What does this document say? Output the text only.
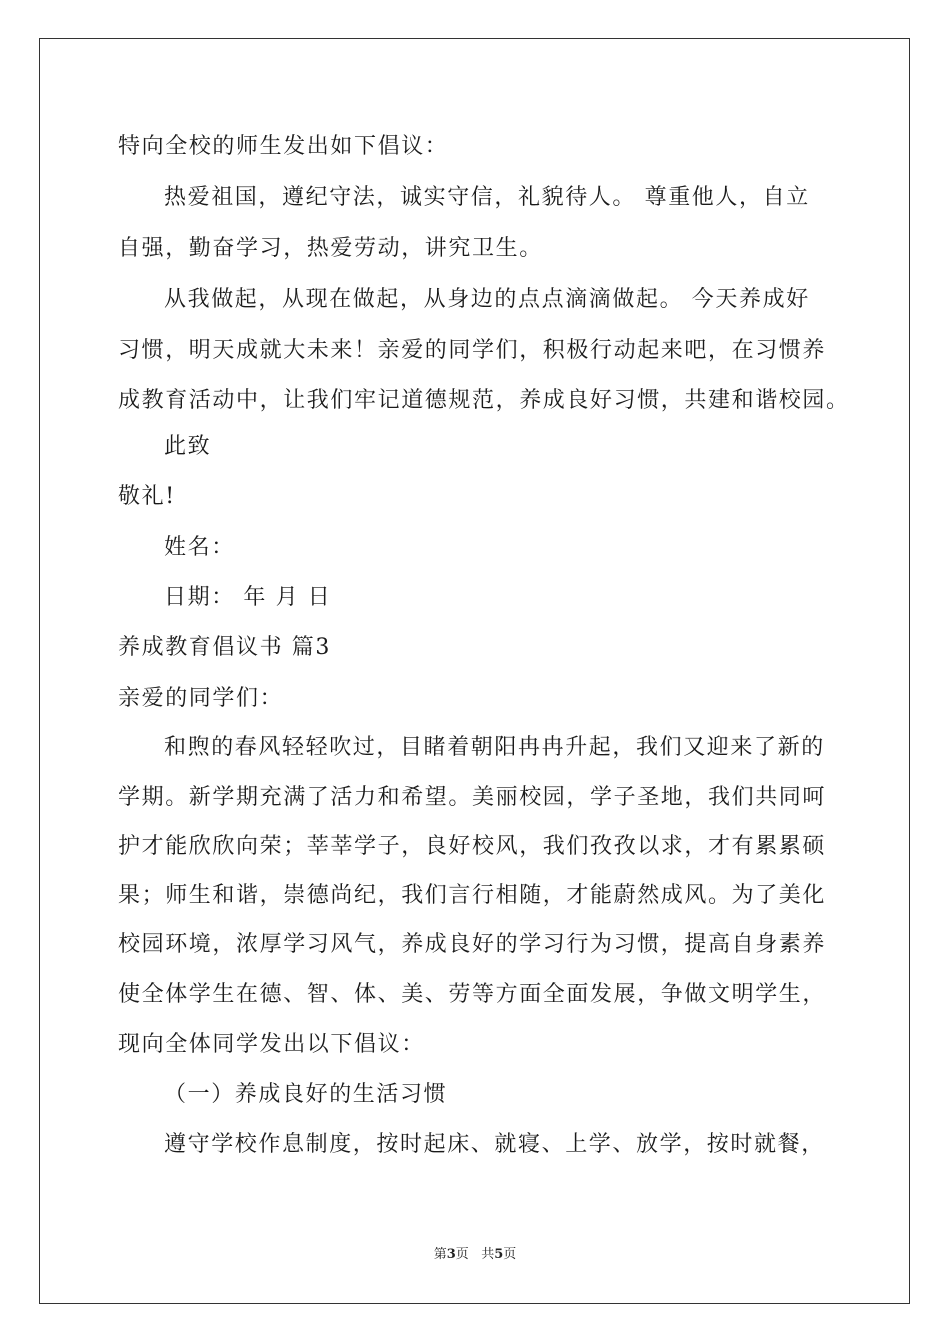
特向全校的师生发出如下倡议：
热爱祖国，遵纪守法，诚实守信，礼貌待人。 尊重他人，自立
自强，勤奋学习，热爱劳动，讲究卫生。
从我做起，从现在做起，从身边的点点滴滴做起。 今天养成好
习惯，明天成就大未来！亲爱的同学们，积极行动起来吧，在习惯养
成教育活动中，让我们牢记道德规范，养成良好习惯，共建和谐校园。
此致
敬礼!
姓名：
日期： 年 月 日
养成教育倡议书 篇3
亲爱的同学们：
和煦的春风轻轻吹过，目睹着朝阳冉冉升起，我们又迎来了新的
学期。新学期充满了活力和希望。美丽校园，学子圣地，我们共同呵
护才能欣欣向荣；莘莘学子，良好校风，我们孜孜以求，才有累累硕
果；师生和谐，崇德尚纪，我们言行相随，才能蔚然成风。为了美化
校园环境，浓厚学习风气，养成良好的学习行为习惯，提高自身素养
使全体学生在德、智、体、美、劳等方面全面发展，争做文明学生，
现向全体同学发出以下倡议：
（一）养成良好的生活习惯
遵守学校作息制度，按时起床、就寝、上学、放学，按时就餐，
第3页 共5页
